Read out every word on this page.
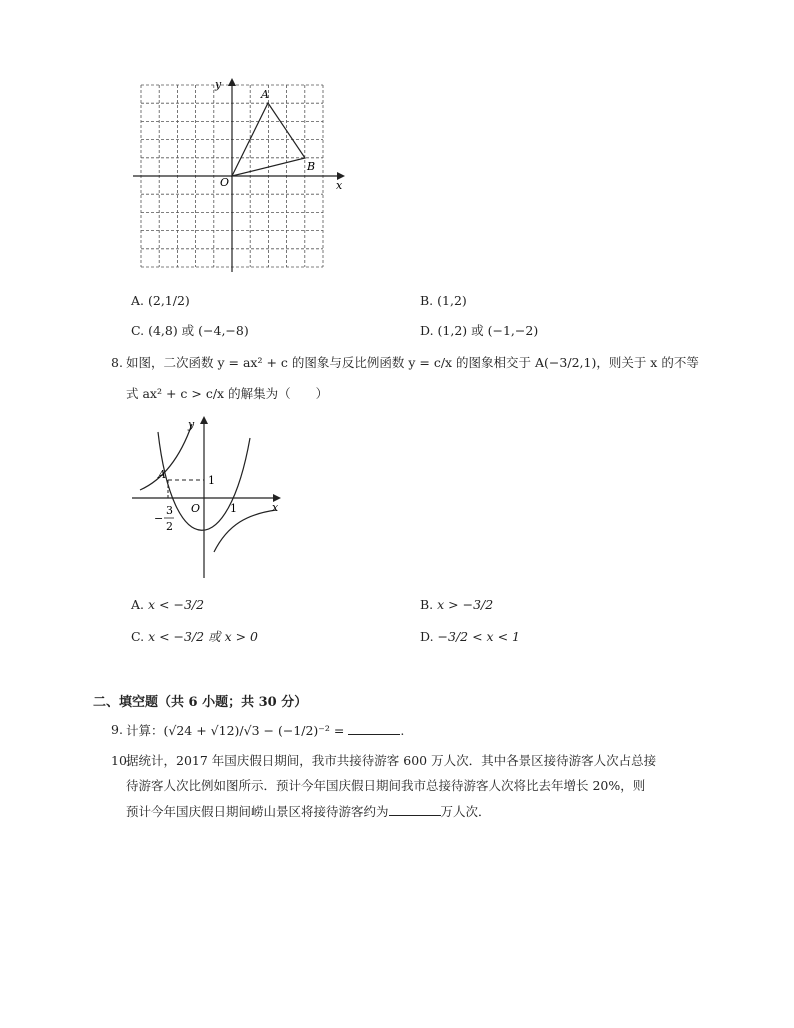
y
x
O
A
B
A. (2,1/2)	B. (1,2)
C. (4,8) 或 (−4,−8)	D. (1,2) 或 (−1,−2)
8. 如图，二次函数 y = ax² + c 的图象与反比例函数 y = c/x 的图象相交于 A(−3/2,1)，则关于 x 的不等
式 ax² + c > c/x 的解集为（　　）
y
x
O
A	1
1
−
3
2
A. x < −3/2	B. x > −3/2
C. x < −3/2 或 x > 0	D. −3/2 < x < 1
二、填空题（共 6 小题；共 30 分）
9. 计算：(√24 + √12)/√3 − (−1/2)⁻² =	.
10.
据统计，2017 年国庆假日期间，我市共接待游客 600 万人次．其中各景区接待游客人次占总接
待游客人次比例如图所示．预计今年国庆假日期间我市总接待游客人次将比去年增长 20%，则
预计今年国庆假日期间崂山景区将接待游客约为	万人次．
